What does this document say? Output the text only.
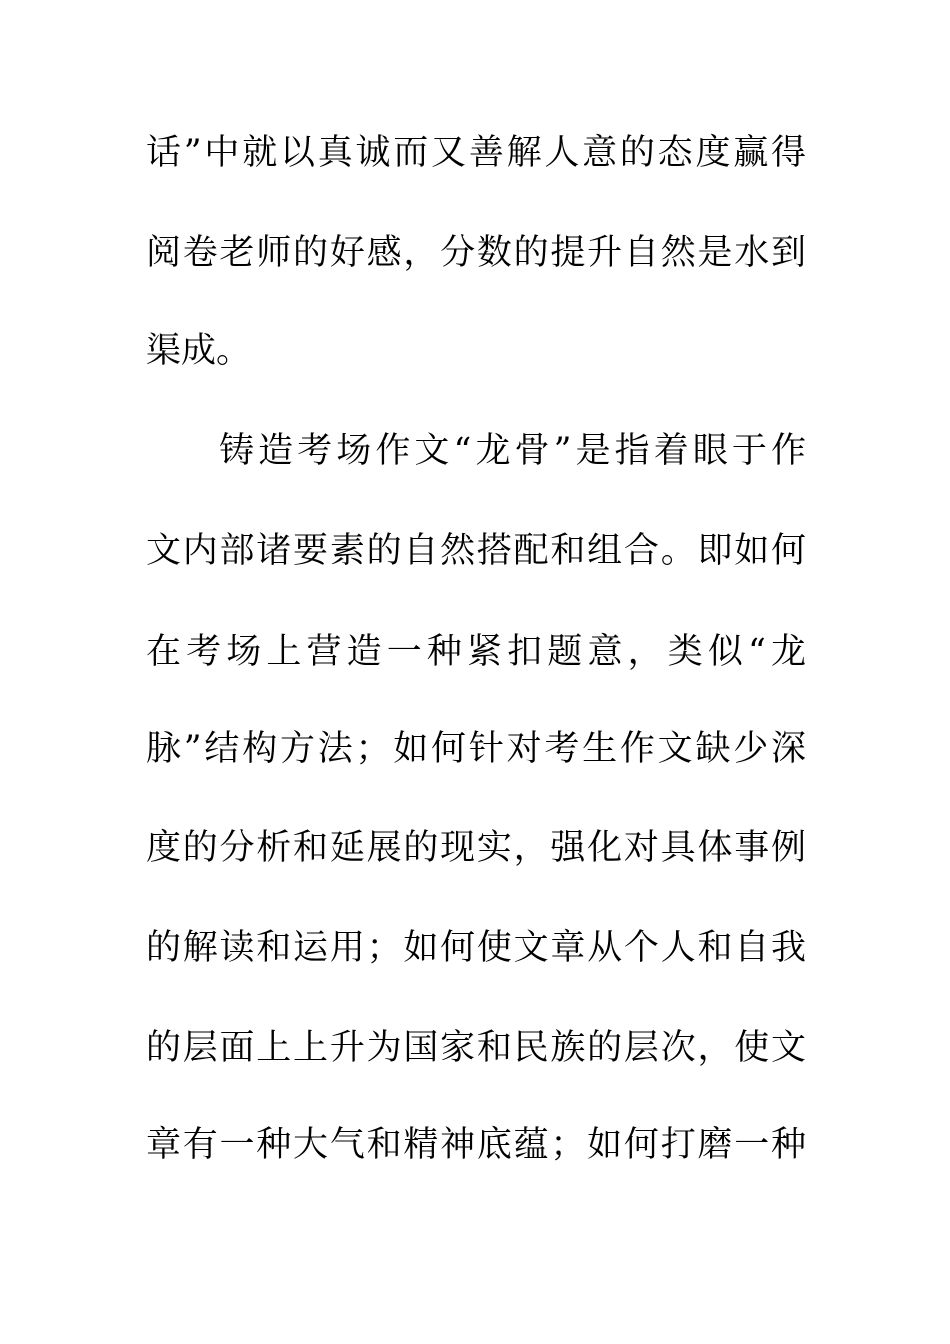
话”中就以真诚而又善解人意的态度赢得
阅卷老师的好感，分数的提升自然是水到
渠成。
铸造考场作文“龙骨”是指着眼于作
文内部诸要素的自然搭配和组合。即如何
在考场上营造一种紧扣题意，类似“龙
脉”结构方法；如何针对考生作文缺少深
度的分析和延展的现实，强化对具体事例
的解读和运用；如何使文章从个人和自我
的层面上上升为国家和民族的层次，使文
章有一种大气和精神底蕴；如何打磨一种
